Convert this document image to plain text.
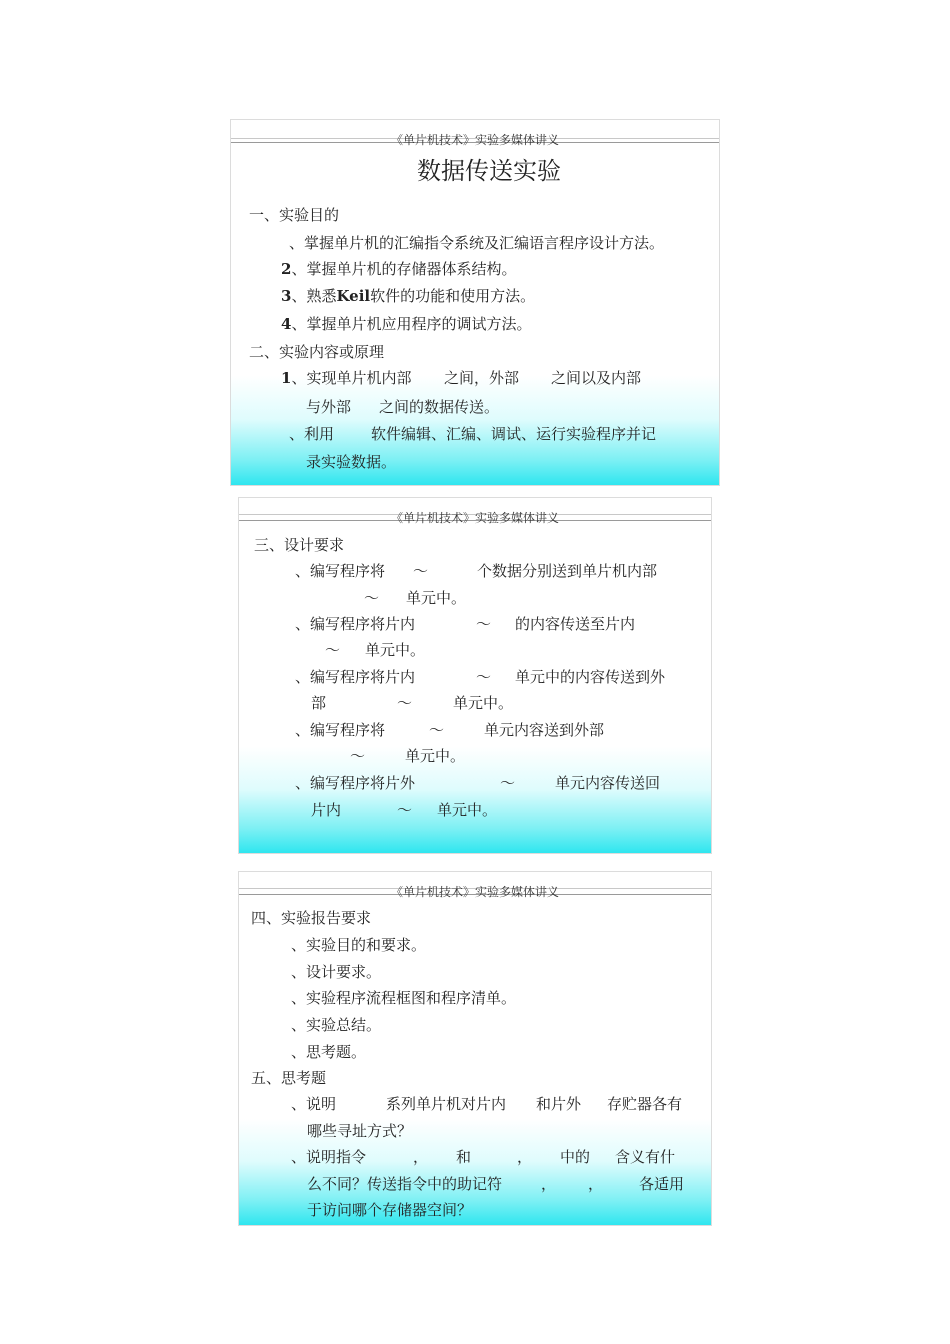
《单片机技术》实验多媒体讲义
数据传送实验
一、实验目的
、掌握单片机的汇编指令系统及汇编语言程序设计方法。
2、掌握单片机的存储器体系结构。
3、熟悉Keil软件的功能和使用方法。
4、掌握单片机应用程序的调试方法。
二、实验内容或原理
1、实现单片机内部 之间，外部 之间以及内部
与外部 之间的数据传送。
、利用 软件编辑、汇编、调试、运行实验程序并记
录实验数据。
《单片机技术》实验多媒体讲义
三、设计要求
、编写程序将 ～	个数据分别送到单片机内部
～ 单元中。
、编写程序将片内	～ 的内容传送至片内
～ 单元中。
、编写程序将片内	～ 单元中的内容传送到外
部	～	单元中。
、编写程序将	～	单元内容送到外部
～	单元中。
、编写程序将片外	～	单元内容传送回
片内	～ 单元中。
《单片机技术》实验多媒体讲义
四、实验报告要求
、实验目的和要求。
、设计要求。
、实验程序流程框图和程序清单。
、实验总结。
、思考题。
五、思考题
、说明	系列单片机对片内 和片外 存贮器各有
哪些寻址方式？
、说明指令	， 和	， 中的 含义有什
么不同？传送指令中的助记符	， ， 各适用
于访问哪个存储器空间？
